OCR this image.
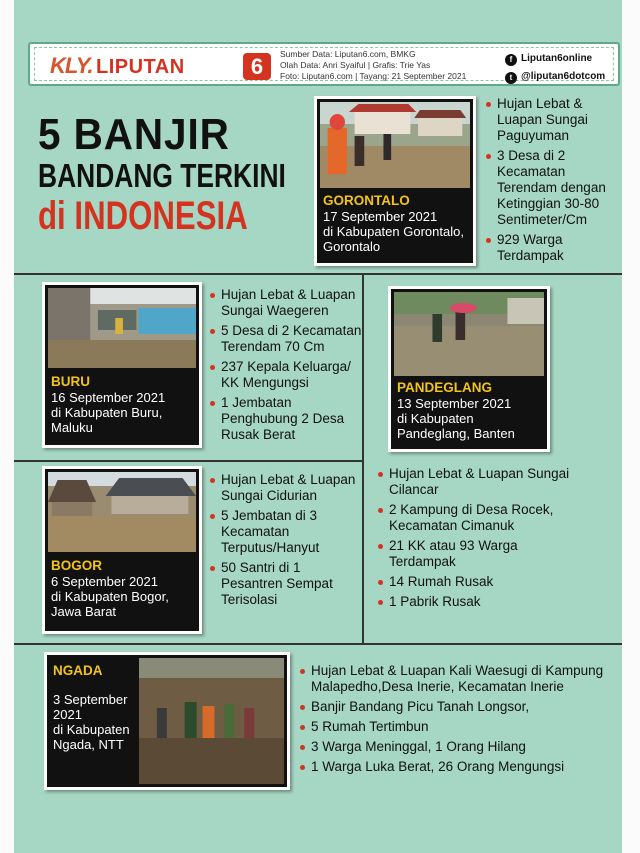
KLY. LIPUTAN	6	Sumber Data: Liputan6.com, BMKG
Olah Data: Anri Syaiful | Grafis: Trie Yas
Foto: Liputan6.com | Tayang: 21 September 2021
f Liputan6online
t @liputan6dotcom
5 BANJIR
BANDANG TERKINI
di INDONESIA	GORONTALO
17 September 2021
di Kabupaten Gorontalo,
Gorontalo
Hujan Lebat & Luapan Sungai Paguyuman
3 Desa di 2 Kecamatan Terendam dengan Ketinggian 30-80 Sentimeter/Cm
929 Warga Terdampak
BURU
16 September 2021
di Kabupaten Buru,
Maluku
Hujan Lebat & Luapan Sungai Waegeren
5 Desa di 2 Kecamatan Terendam 70 Cm
237 Kepala Keluarga/ KK Mengungsi
1 Jembatan Penghubung 2 Desa Rusak Berat
PANDEGLANG
13 September 2021
di Kabupaten
Pandeglang, Banten
BOGOR
6 September 2021
di Kabupaten Bogor,
Jawa Barat
Hujan Lebat & Luapan Sungai Cidurian
5 Jembatan di 3 Kecamatan Terputus/Hanyut
50 Santri di 1 Pesantren Sempat Terisolasi
Hujan Lebat & Luapan Sungai Cilancar
2 Kampung di Desa Rocek, Kecamatan Cimanuk
21 KK atau 93 Warga Terdampak
14 Rumah Rusak
1 Pabrik Rusak
NGADA
3 September
2021
di Kabupaten
Ngada, NTT
Hujan Lebat & Luapan Kali Waesugi di Kampung Malapedho,Desa Inerie, Kecamatan Inerie
Banjir Bandang Picu Tanah Longsor,
5 Rumah Tertimbun
3 Warga Meninggal, 1 Orang Hilang
1 Warga Luka Berat, 26 Orang Mengungsi
